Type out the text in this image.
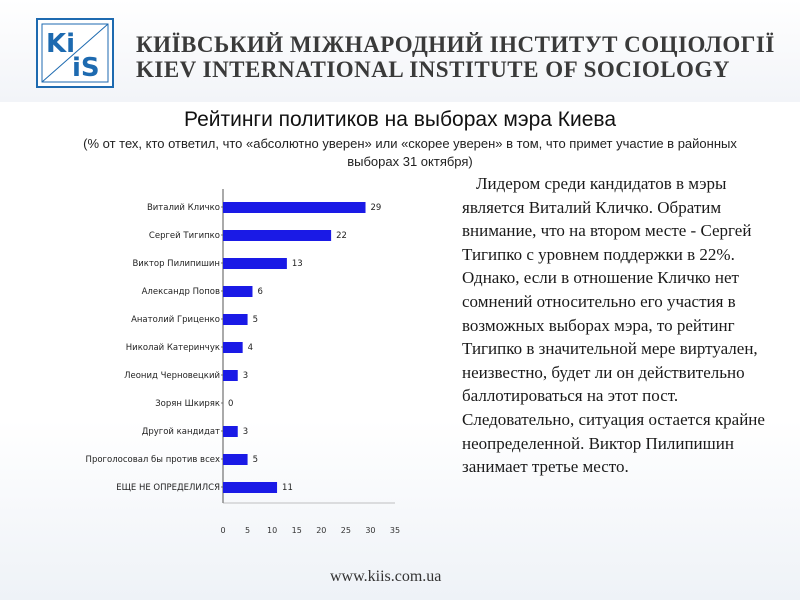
Ki
iS
КИЇВСЬКИЙ МІЖНАРОДНИЙ ІНСТИТУТ СОЦІОЛОГІЇ
KIEV INTERNATIONAL INSTITUTE OF SOCIOLOGY
Рейтинги политиков на выборах мэра Киева
(% от тех, кто ответил, что «абсолютно уверен» или «скорее уверен» в том, что примет участие в районных выборах 31 октября)
Виталий Кличко	29
Сергей Тигипко	22
Виктор Пилипишин	13
Александр Попов	6
Анатолий Гриценко	5
Николай Катеринчук	4
Леонид Черновецкий	3
Зорян Шкиряк 0
Другой кандидат	3
Проголосовал бы против всех	5
ЕЩЕ НЕ ОПРЕДЕЛИЛСЯ	11
0 5 10 15 20 25 30 35
Лидером среди кандидатов в мэры является Виталий Кличко. Обратим внимание, что на втором месте - Сергей Тигипко с уровнем поддержки в 22%. Однако, если в отношение Кличко нет сомнений относительно его участия в возможных выборах мэра, то рейтинг Тигипко в значительной мере виртуален, неизвестно, будет ли он действительно баллотироваться на этот пост. Следовательно, ситуация остается крайне неопределенной. Виктор Пилипишин занимает третье место.
www.kiis.com.ua
